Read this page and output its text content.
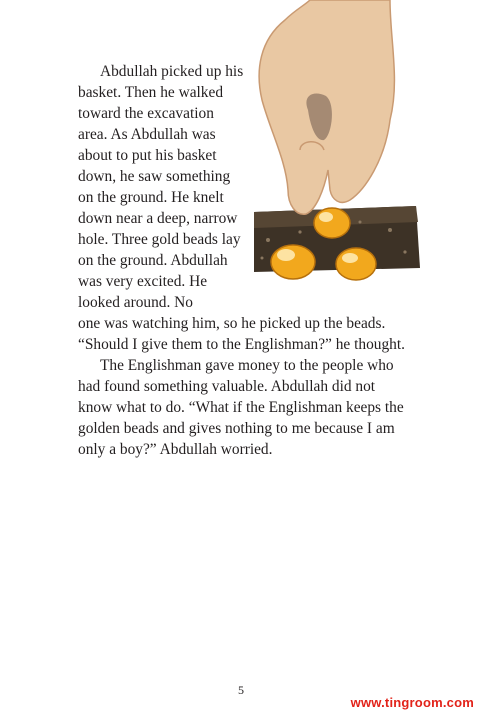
Abdullah picked up his
basket. Then he walked
toward the excavation
area. As Abdullah was
about to put his basket
down, he saw something
on the ground. He knelt
down near a deep, narrow
hole. Three gold beads lay
on the ground. Abdullah
was very excited. He
looked around. No
one was watching him, so he picked up the beads.
“Should I give them to the Englishman?” he thought.
The Englishman gave money to the people who
had found something valuable. Abdullah did not
know what to do. “What if the Englishman keeps the
golden beads and gives nothing to me because I am
only a boy?” Abdullah worried.
5
www.tingroom.com
